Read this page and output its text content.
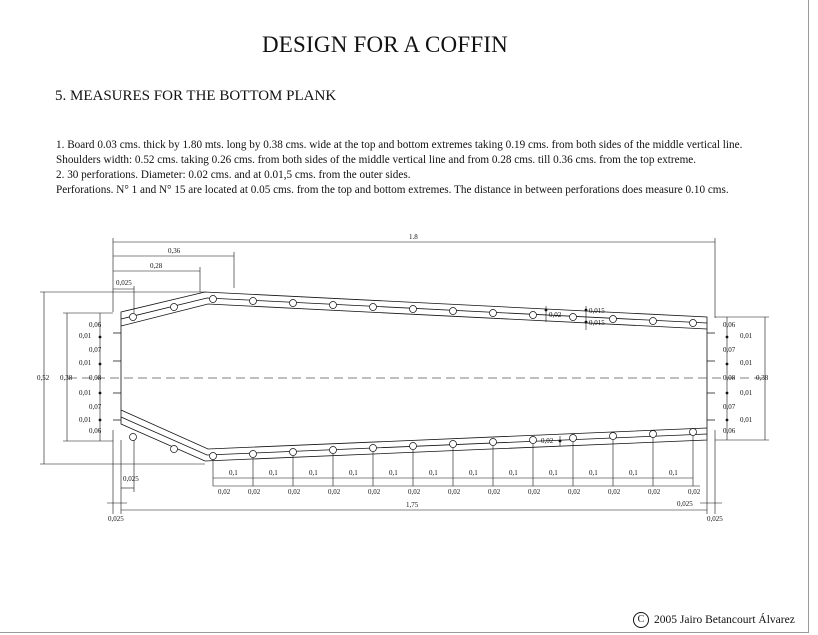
DESIGN FOR A COFFIN
5. MEASURES FOR THE BOTTOM PLANK
1. Board 0.03 cms. thick by 1.80 mts. long by 0.38 cms. wide at the top and bottom extremes taking 0.19 cms. from both sides of the middle vertical line.
Shoulders width: 0.52 cms. taking 0.26 cms. from both sides of the middle vertical line and from 0.28 cms. till 0.36 cms. from the top extreme.
2. 30 perforations. Diameter: 0.02 cms. and at 0.01,5 cms. from the outer sides.
Perforations. N° 1 and N° 15 are located at 0.05 cms. from the top and bottom extremes. The distance in between perforations does measure 0.10 cms.
1.8
0,36
0,28
0,025
0,52 0,38	0,38
1,75
0,025	0,025
0,025
0,025
0,02	0,015
0,015
0,02
0,06
0,01
0,07
0,01
0,08
0,01
0,07
0,01
0,06
0,06
0,01
0,07
0,01
0,08
0,01
0,07
0,01
0,06
0,1	0,1	0,1	0,1	0,1	0,1	0,1	0,1	0,1	0,1	0,1	0,1
0,02	0,02	0,02	0,02	0,02	0,02	0,02	0,02	0,02	0,02	0,02	0,02	0,02
C 2005 Jairo Betancourt Álvarez
